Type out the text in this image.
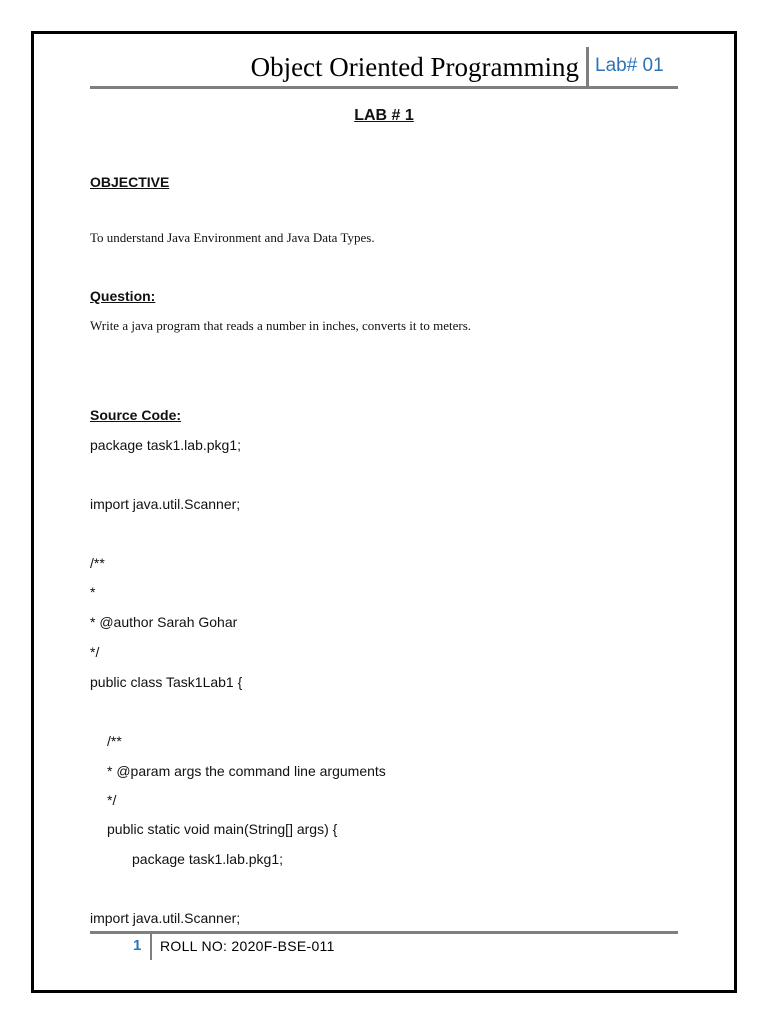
Object Oriented Programming Lab# 01
LAB # 1
OBJECTIVE
To understand Java Environment and Java Data Types.
Question:
Write a java program that reads a number in inches, converts it to meters.
Source Code:
package task1.lab.pkg1;
import java.util.Scanner;
/**
*
* @author Sarah Gohar
*/
public class Task1Lab1 {
/**
* @param args the command line arguments
*/
public static void main(String[] args) {
package task1.lab.pkg1;
import java.util.Scanner;
1 ROLL NO: 2020F-BSE-011
